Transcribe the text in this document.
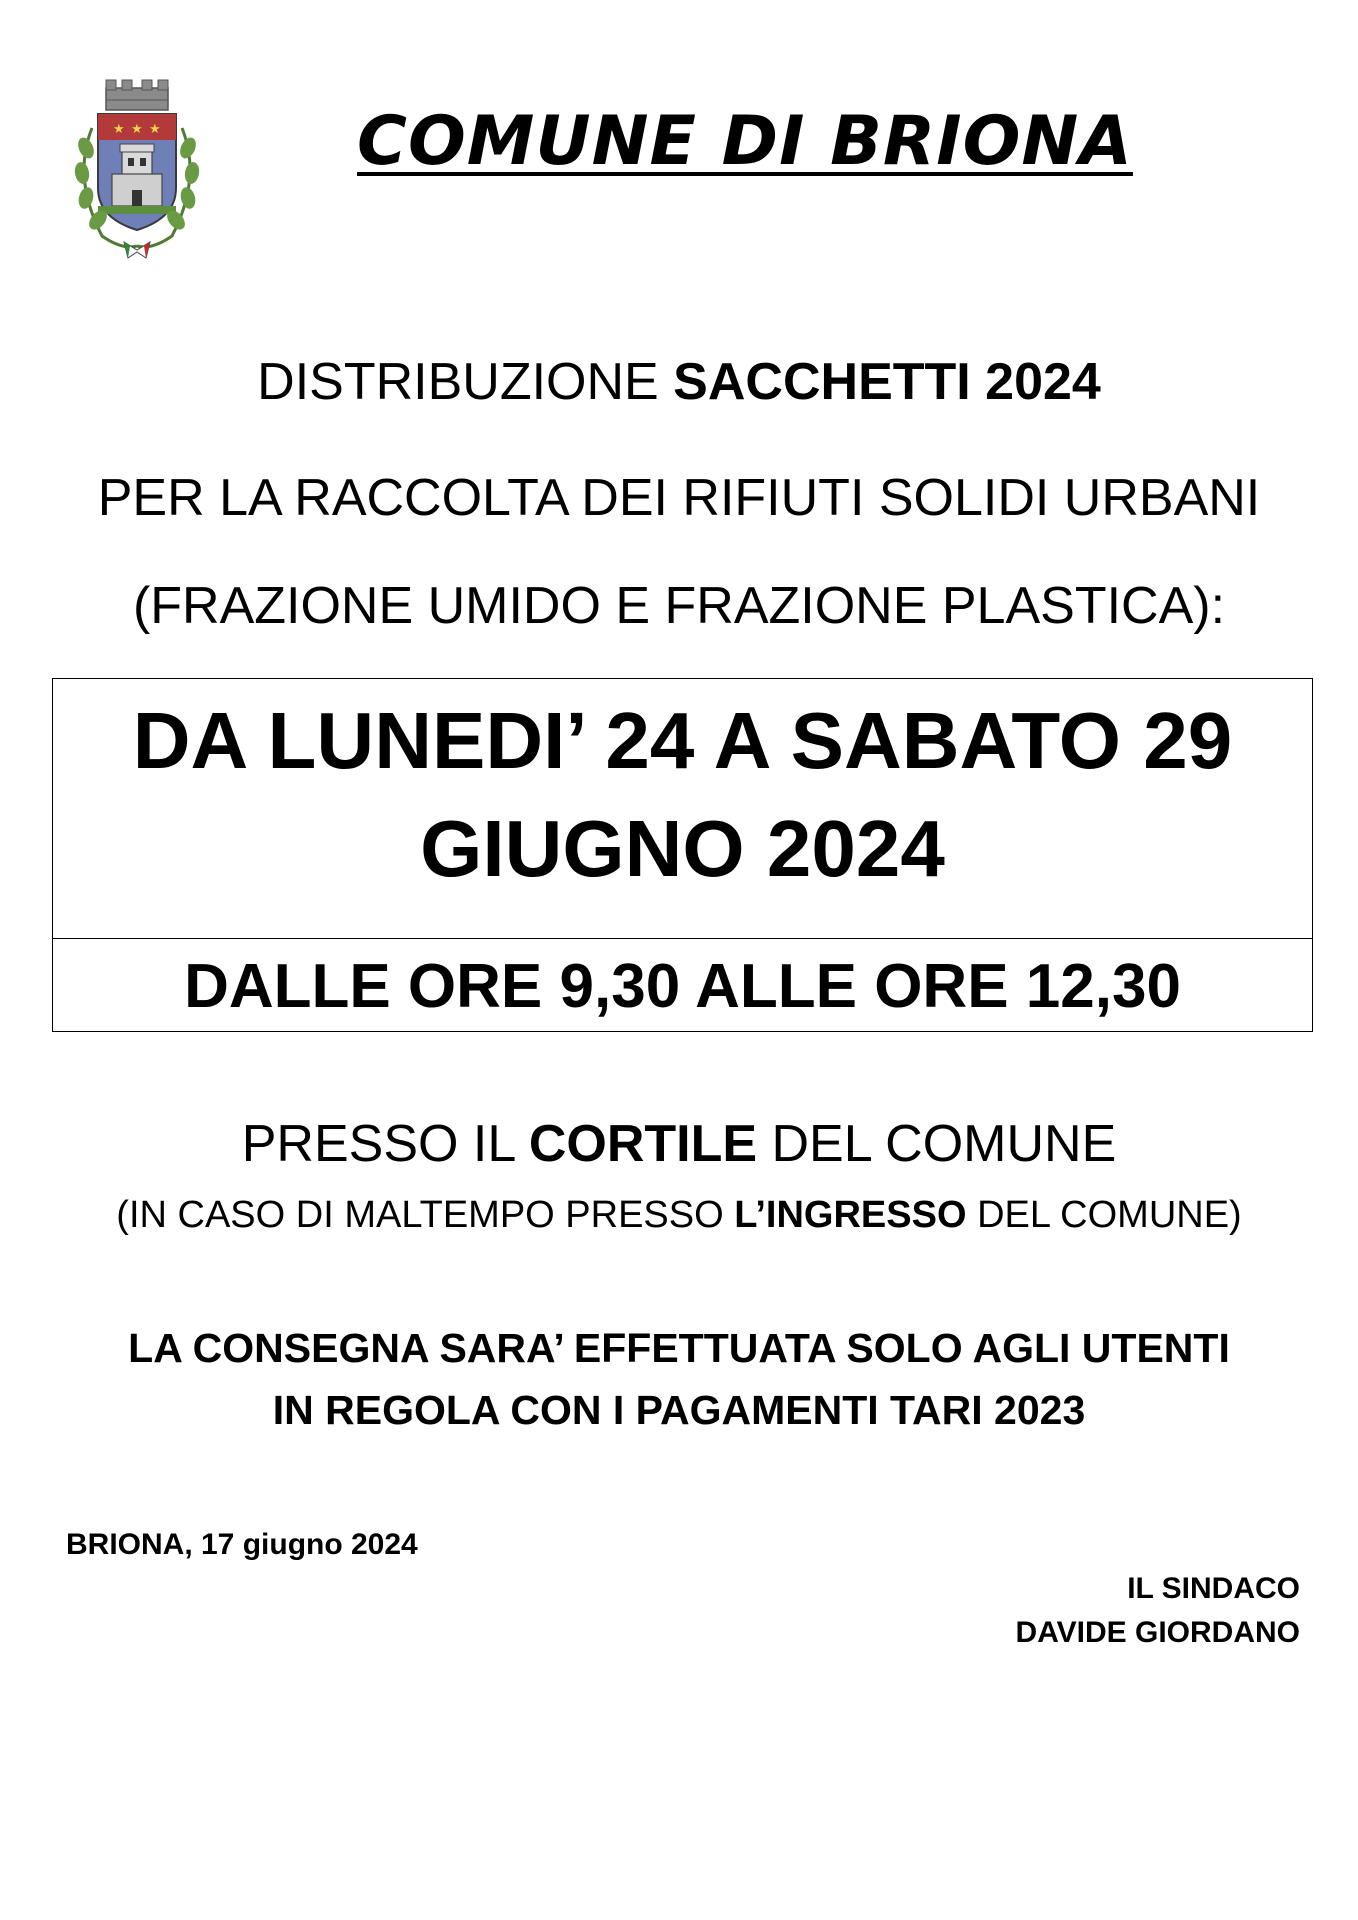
★ ★ ★	COMUNE DI BRIONA
DISTRIBUZIONE SACCHETTI 2024
PER LA RACCOLTA DEI RIFIUTI SOLIDI URBANI
(FRAZIONE UMIDO E FRAZIONE PLASTICA):
DA LUNEDI’ 24 A SABATO 29
GIUGNO 2024
DALLE ORE 9,30 ALLE ORE 12,30
PRESSO IL CORTILE DEL COMUNE
(IN CASO DI MALTEMPO PRESSO L’INGRESSO DEL COMUNE)
LA CONSEGNA SARA’ EFFETTUATA SOLO AGLI UTENTI
IN REGOLA CON I PAGAMENTI TARI 2023
BRIONA, 17 giugno 2024
IL SINDACO
DAVIDE GIORDANO
